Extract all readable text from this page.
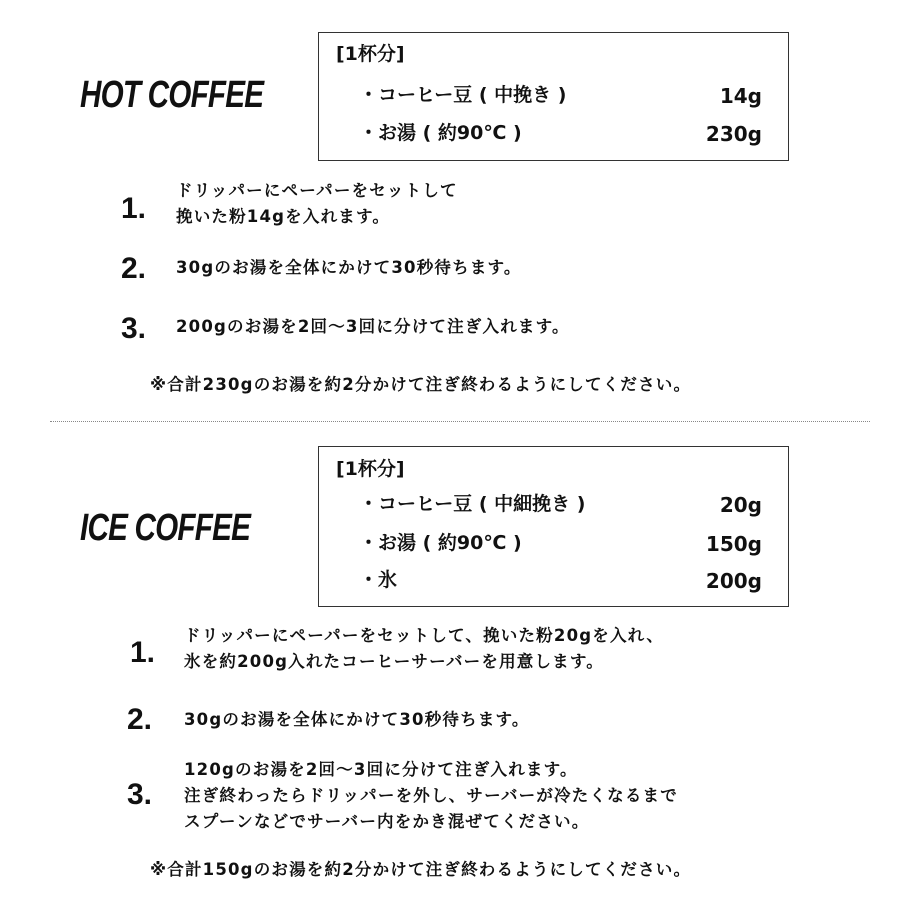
HOT COFFEE
[1杯分]
・コーヒー豆 ( 中挽き )	14g
・お湯 ( 約90℃ )	230g
1.
ドリッパーにペーパーをセットして
挽いた粉14gを入れます。
2. 30gのお湯を全体にかけて30秒待ちます。
3. 200gのお湯を2回〜3回に分けて注ぎ入れます。
※合計230gのお湯を約2分かけて注ぎ終わるようにしてください。
ICE COFFEE
[1杯分]
・コーヒー豆 ( 中細挽き )	20g
・お湯 ( 約90℃ )	150g
・氷	200g
1.
ドリッパーにペーパーをセットして、挽いた粉20gを入れ、
氷を約200g入れたコーヒーサーバーを用意します。
2. 30gのお湯を全体にかけて30秒待ちます。
3.
120gのお湯を2回〜3回に分けて注ぎ入れます。
注ぎ終わったらドリッパーを外し、サーバーが冷たくなるまで
スプーンなどでサーバー内をかき混ぜてください。
※合計150gのお湯を約2分かけて注ぎ終わるようにしてください。
